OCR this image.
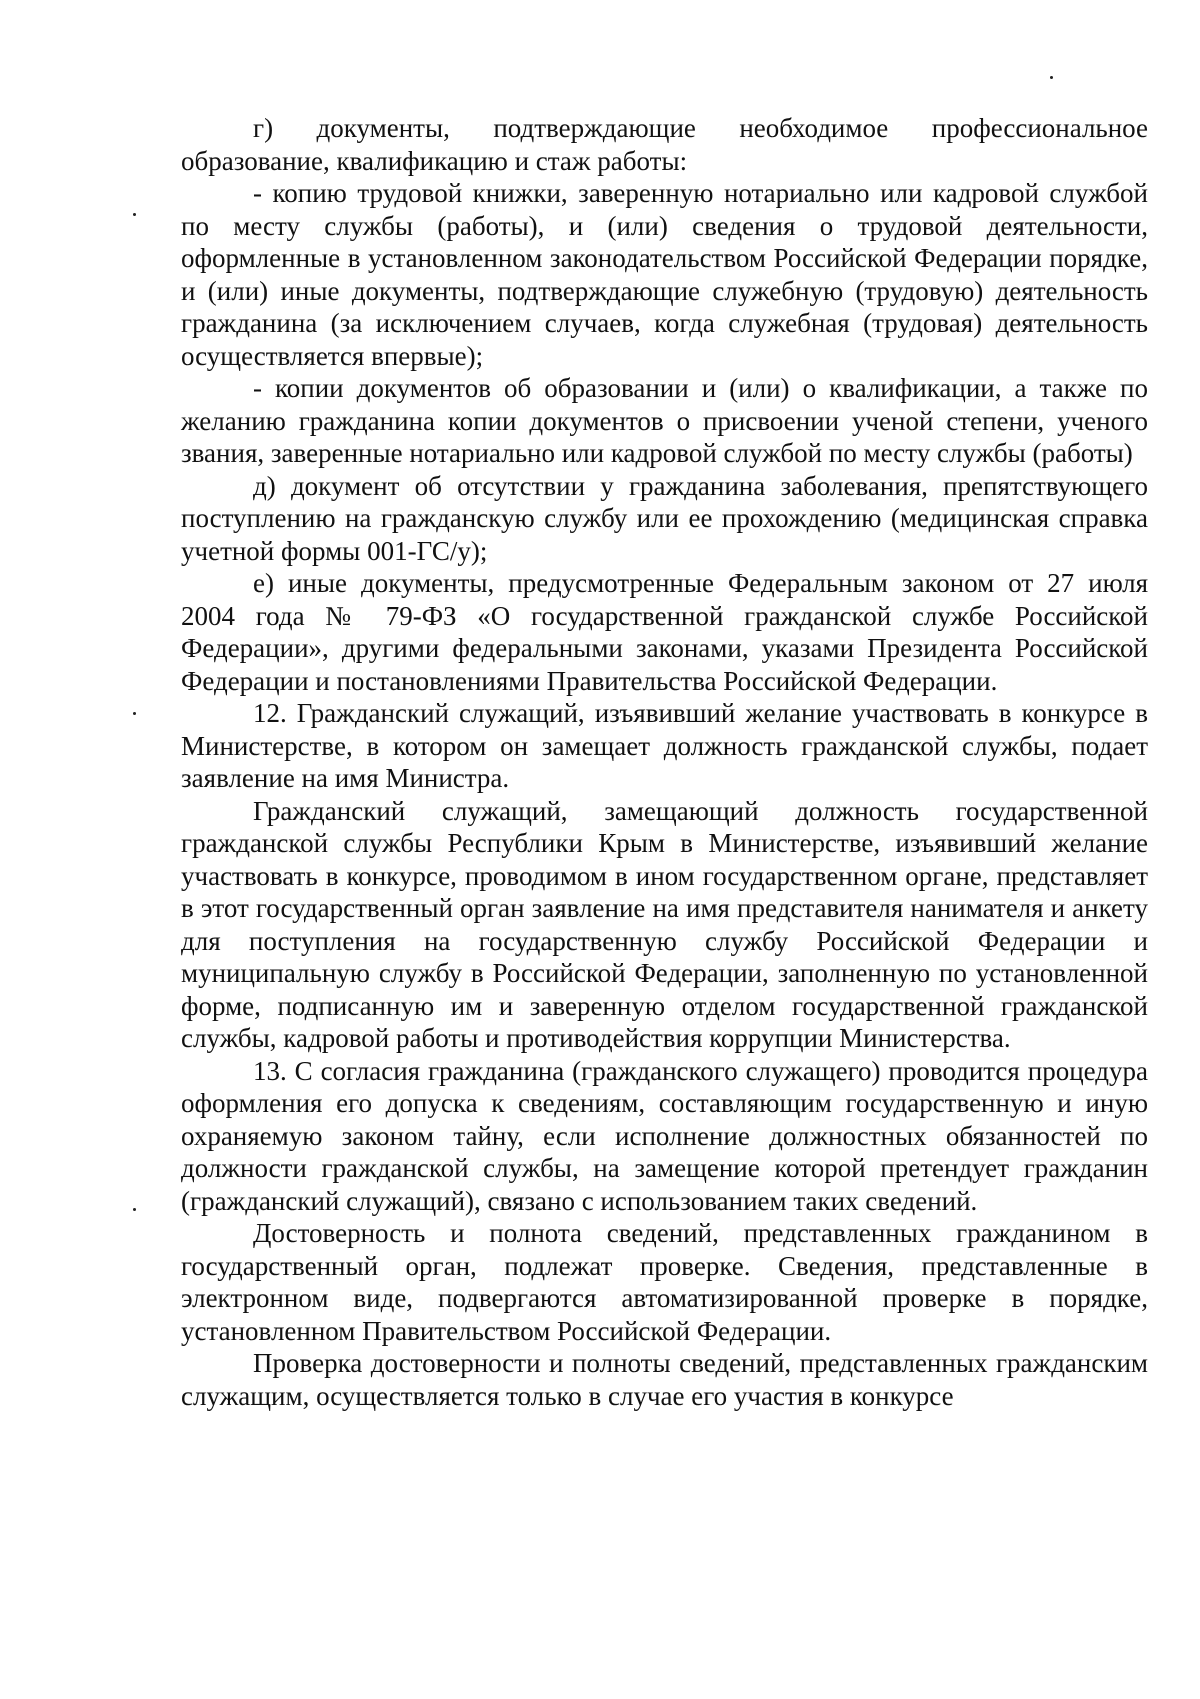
г) документы, подтверждающие необходимое профессиональное образование, квалификацию и стаж работы:

- копию трудовой книжки, заверенную нотариально или кадровой службой по месту службы (работы), и (или) сведения о трудовой деятельности, оформленные в установленном законодательством Российской Федерации порядке, и (или) иные документы, подтверждающие служебную (трудовую) деятельность гражданина (за исключением случаев, когда служебная (трудовая) деятельность осуществляется впервые);

- копии документов об образовании и (или) о квалификации, а также по желанию гражданина копии документов о присвоении ученой степени, ученого звания, заверенные нотариально или кадровой службой по месту службы (работы)

д) документ об отсутствии у гражданина заболевания, препятствующего поступлению на гражданскую службу или ее прохождению (медицинская справка учетной формы 001-ГС/у);

е) иные документы, предусмотренные Федеральным законом от 27 июля 2004 года № 79-ФЗ «О государственной гражданской службе Российской Федерации», другими федеральными законами, указами Президента Российской Федерации и постановлениями Правительства Российской Федерации.

12. Гражданский служащий, изъявивший желание участвовать в конкурсе в Министерстве, в котором он замещает должность гражданской службы, подает заявление на имя Министра.

Гражданский служащий, замещающий должность государственной гражданской службы Республики Крым в Министерстве, изъявивший желание участвовать в конкурсе, проводимом в ином государственном органе, представляет в этот государственный орган заявление на имя представителя нанимателя и анкету для поступления на государственную службу Российской Федерации и муниципальную службу в Российской Федерации, заполненную по установленной форме, подписанную им и заверенную отделом государственной гражданской службы, кадровой работы и противодействия коррупции Министерства.

13. С согласия гражданина (гражданского служащего) проводится процедура оформления его допуска к сведениям, составляющим государственную и иную охраняемую законом тайну, если исполнение должностных обязанностей по должности гражданской службы, на замещение которой претендует гражданин (гражданский служащий), связано с использованием таких сведений.

Достоверность и полнота сведений, представленных гражданином в государственный орган, подлежат проверке. Сведения, представленные в электронном виде, подвергаются автоматизированной проверке в порядке, установленном Правительством Российской Федерации.

Проверка достоверности и полноты сведений, представленных гражданским служащим, осуществляется только в случае его участия в конкурсе
